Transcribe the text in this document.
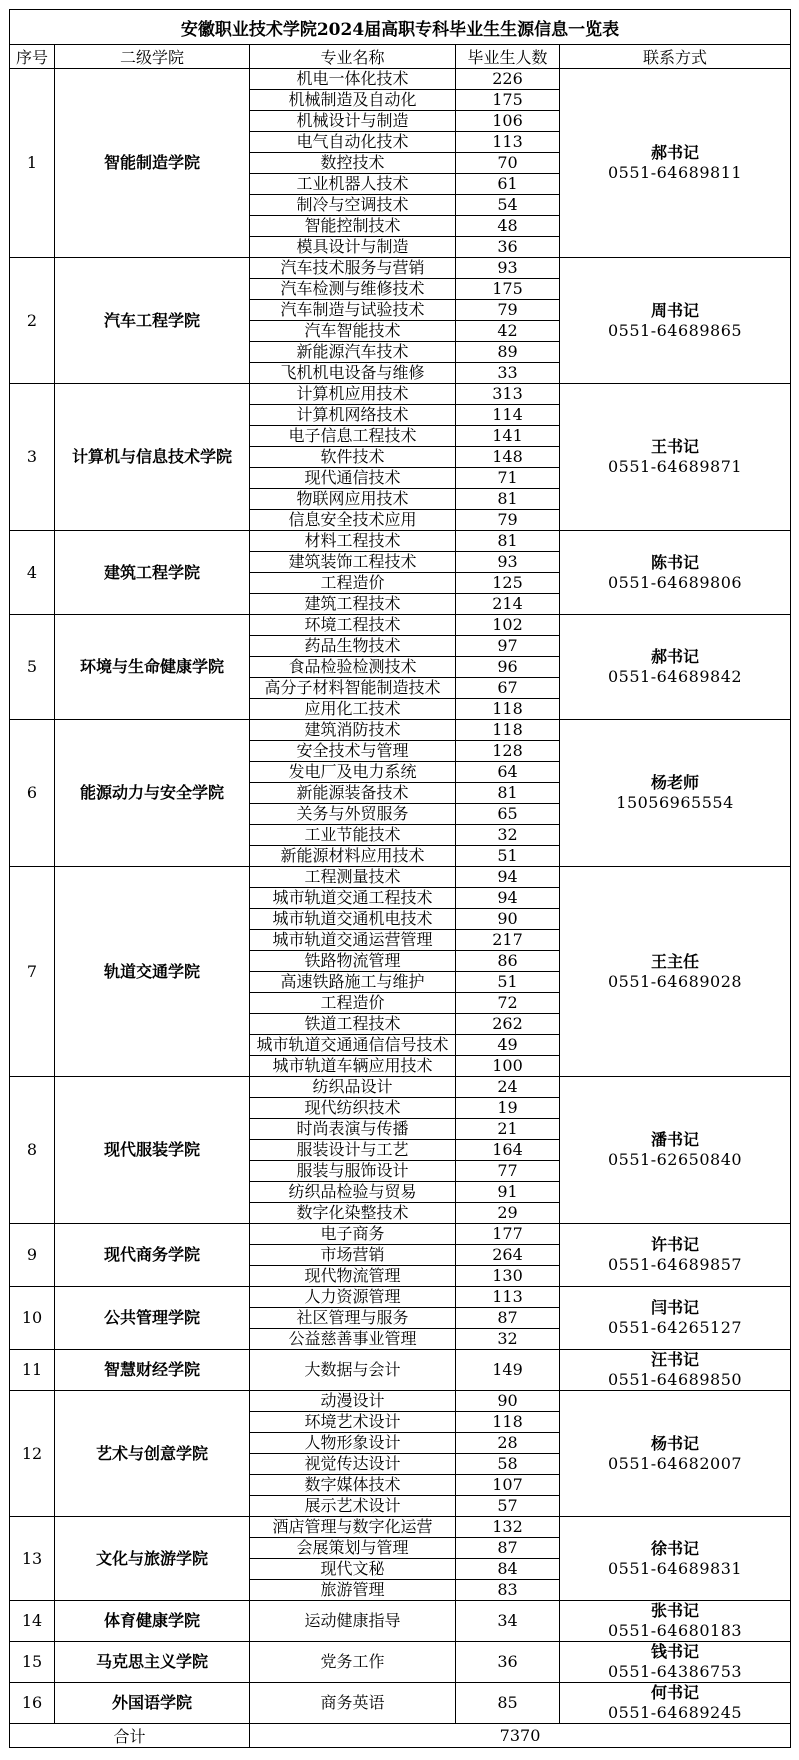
安徽职业技术学院2024届高职专科毕业生生源信息一览表				
序号	二级学院	专业名称	毕业生人数	联系方式
1	智能制造学院	机电一体化技术	226	郝书记
0551-64689811

		机械制造及自动化	175	
		机械设计与制造	106	
		电气自动化技术	113	
		数控技术	70	
		工业机器人技术	61	
		制冷与空调技术	54	
		智能控制技术	48	
		模具设计与制造	36	
2	汽车工程学院	汽车技术服务与营销	93	周书记
0551-64689865

		汽车检测与维修技术	175	
		汽车制造与试验技术	79	
		汽车智能技术	42	
		新能源汽车技术	89	
		飞机机电设备与维修	33	
3	计算机与信息技术学院	计算机应用技术	313	王书记
0551-64689871

		计算机网络技术	114	
		电子信息工程技术	141	
		软件技术	148	
		现代通信技术	71	
		物联网应用技术	81	
		信息安全技术应用	79	
4	建筑工程学院	材料工程技术	81	陈书记
0551-64689806

		建筑装饰工程技术	93	
		工程造价	125	
		建筑工程技术	214	
5	环境与生命健康学院	环境工程技术	102	郝书记
0551-64689842

		药品生物技术	97	
		食品检验检测技术	96	
		高分子材料智能制造技术	67	
		应用化工技术	118	
6	能源动力与安全学院	建筑消防技术	118	杨老师
15056965554

		安全技术与管理	128	
		发电厂及电力系统	64	
		新能源装备技术	81	
		关务与外贸服务	65	
		工业节能技术	32	
		新能源材料应用技术	51	
7	轨道交通学院	工程测量技术	94	王主任
0551-64689028

		城市轨道交通工程技术	94	
		城市轨道交通机电技术	90	
		城市轨道交通运营管理	217	
		铁路物流管理	86	
		高速铁路施工与维护	51	
		工程造价	72	
		铁道工程技术	262	
		城市轨道交通通信信号技术	49	
		城市轨道车辆应用技术	100	
8	现代服装学院	纺织品设计	24	潘书记
0551-62650840

		现代纺织技术	19	
		时尚表演与传播	21	
		服装设计与工艺	164	
		服装与服饰设计	77	
		纺织品检验与贸易	91	
		数字化染整技术	29	
9	现代商务学院	电子商务	177	许书记
0551-64689857

		市场营销	264	
		现代物流管理	130	
10	公共管理学院	人力资源管理	113	闫书记
0551-64265127

		社区管理与服务	87	
		公益慈善事业管理	32	
11	智慧财经学院	大数据与会计	149	汪书记
0551-64689850

12	艺术与创意学院	动漫设计	90	杨书记
0551-64682007

		环境艺术设计	118	
		人物形象设计	28	
		视觉传达设计	58	
		数字媒体技术	107	
		展示艺术设计	57	
13	文化与旅游学院	酒店管理与数字化运营	132	徐书记
0551-64689831

		会展策划与管理	87	
		现代文秘	84	
		旅游管理	83	
14	体育健康学院	运动健康指导	34	张书记
0551-64680183

15	马克思主义学院	党务工作	36	钱书记
0551-64386753

16	外国语学院	商务英语	85	何书记
0551-64689245

合计		7370		
